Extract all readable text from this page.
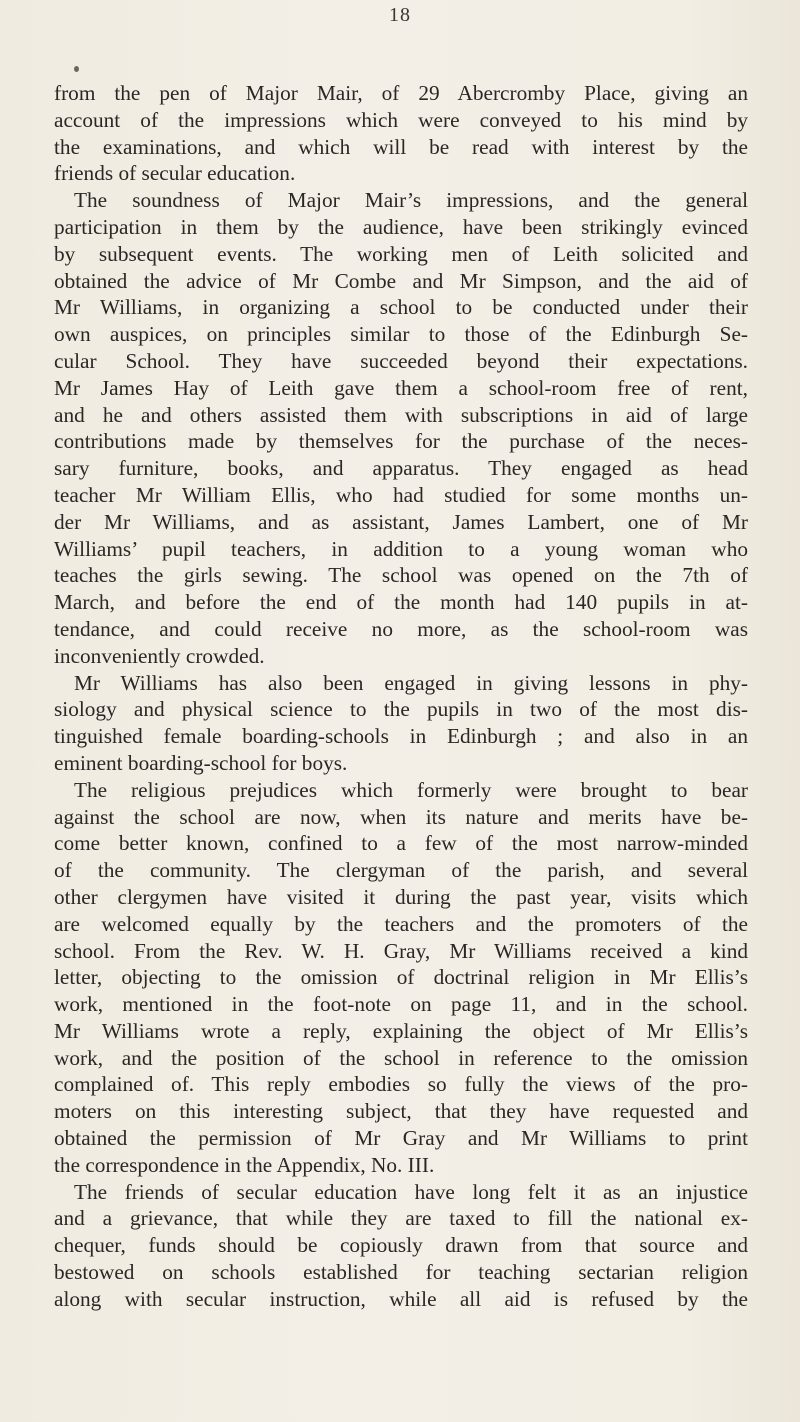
18
from the pen of Major Mair, of 29 Abercromby Place, giving an
account of the impressions which were conveyed to his mind by
the examinations, and which will be read with interest by the
friends of secular education.
The soundness of Major Mair’s impressions, and the general
participation in them by the audience, have been strikingly evinced
by subsequent events. The working men of Leith solicited and
obtained the advice of Mr Combe and Mr Simpson, and the aid of
Mr Williams, in organizing a school to be conducted under their
own auspices, on principles similar to those of the Edinburgh Se-
cular School. They have succeeded beyond their expectations.
Mr James Hay of Leith gave them a school-room free of rent,
and he and others assisted them with subscriptions in aid of large
contributions made by themselves for the purchase of the neces-
sary furniture, books, and apparatus. They engaged as head
teacher Mr William Ellis, who had studied for some months un-
der Mr Williams, and as assistant, James Lambert, one of Mr
Williams’ pupil teachers, in addition to a young woman who
teaches the girls sewing. The school was opened on the 7th of
March, and before the end of the month had 140 pupils in at-
tendance, and could receive no more, as the school-room was
inconveniently crowded.
Mr Williams has also been engaged in giving lessons in phy-
siology and physical science to the pupils in two of the most dis-
tinguished female boarding-schools in Edinburgh ; and also in an
eminent boarding-school for boys.
The religious prejudices which formerly were brought to bear
against the school are now, when its nature and merits have be-
come better known, confined to a few of the most narrow-minded
of the community. The clergyman of the parish, and several
other clergymen have visited it during the past year, visits which
are welcomed equally by the teachers and the promoters of the
school. From the Rev. W. H. Gray, Mr Williams received a kind
letter, objecting to the omission of doctrinal religion in Mr Ellis’s
work, mentioned in the foot-note on page 11, and in the school.
Mr Williams wrote a reply, explaining the object of Mr Ellis’s
work, and the position of the school in reference to the omission
complained of. This reply embodies so fully the views of the pro-
moters on this interesting subject, that they have requested and
obtained the permission of Mr Gray and Mr Williams to print
the correspondence in the Appendix, No. III.
The friends of secular education have long felt it as an injustice
and a grievance, that while they are taxed to fill the national ex-
chequer, funds should be copiously drawn from that source and
bestowed on schools established for teaching sectarian religion
along with secular instruction, while all aid is refused by the
